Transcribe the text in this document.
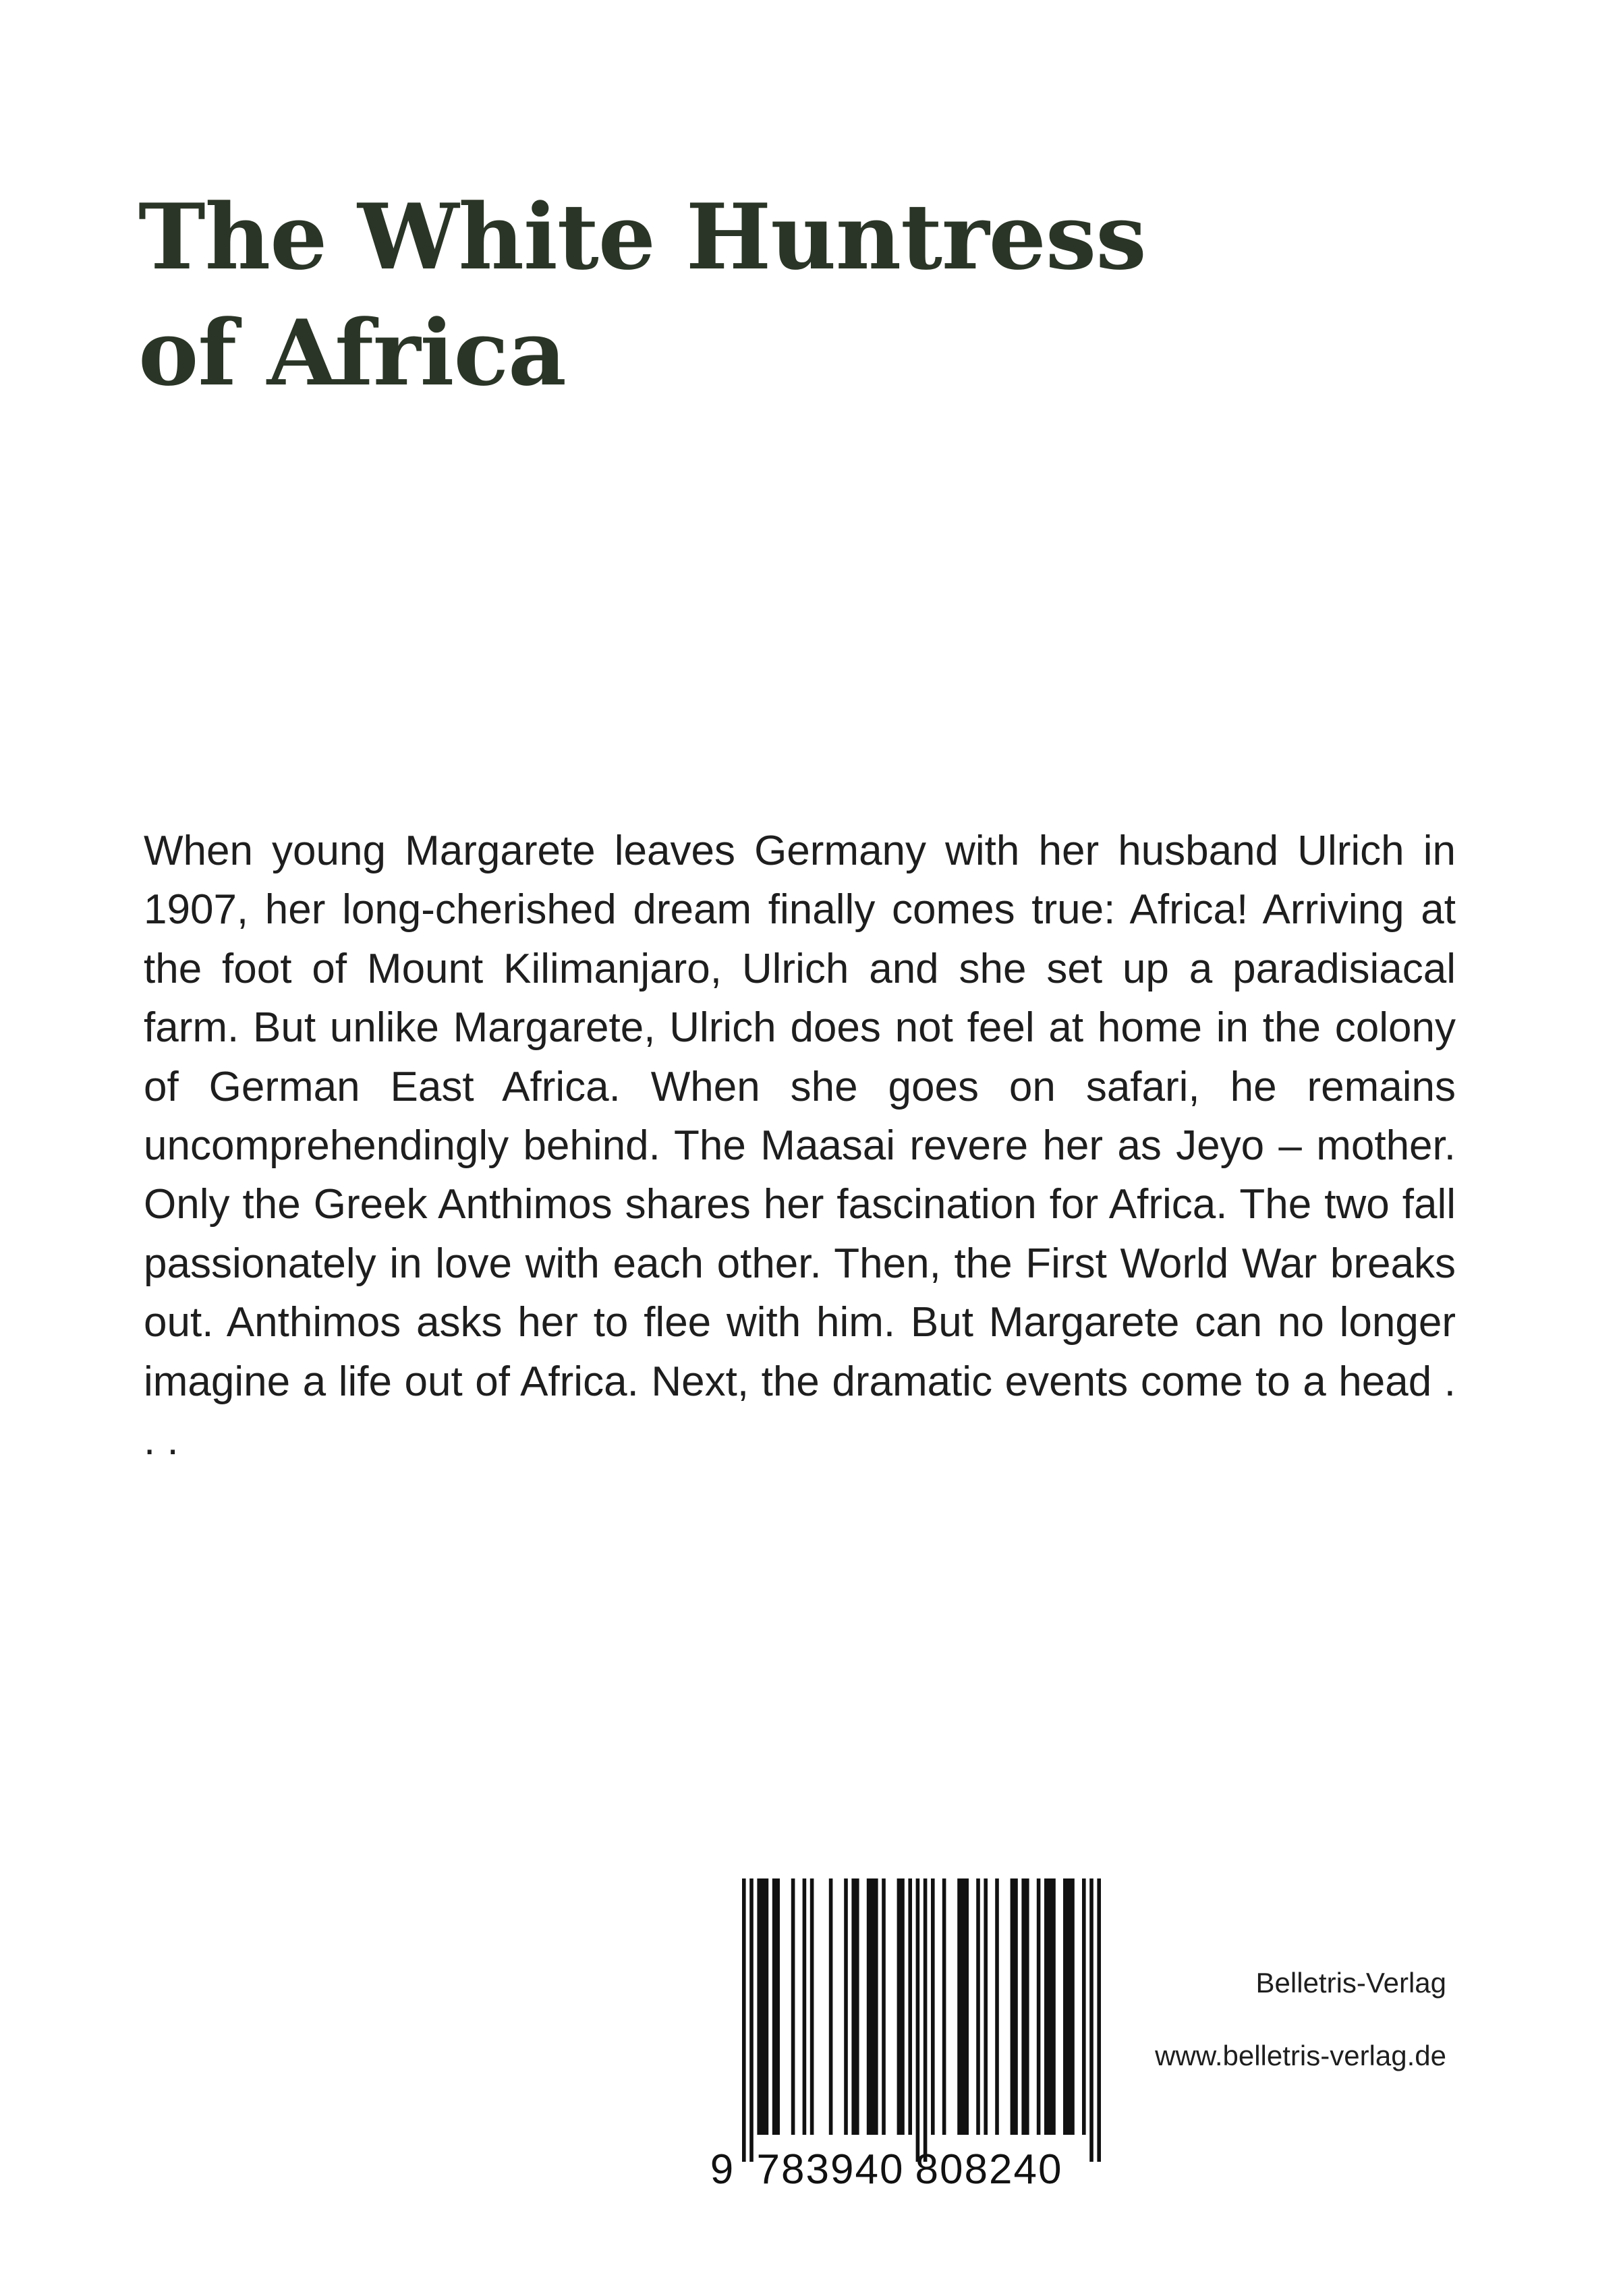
The White Huntress
of Africa

When young Margarete leaves Germany with her husband Ulrich in 1907, her long-cherished dream finally comes true: Africa! Arriving at the foot of Mount Kilimanjaro, Ulrich and she set up a paradisiacal farm. But unlike Margarete, Ulrich does not feel at home in the colony of German East Africa. When she goes on safari, he remains uncomprehendingly behind. The Maasai revere her as Jeyo – mother. Only the Greek Anthimos shares her fascination for Africa. The two fall passionately in love with each other. Then, the First World War breaks out. Anthimos asks her to flee with him. But Margarete can no longer imagine a life out of Africa. Next, the dramatic events come to a head . . .

9 783940 808240

Belletris-Verlag

www.belletris-verlag.de
